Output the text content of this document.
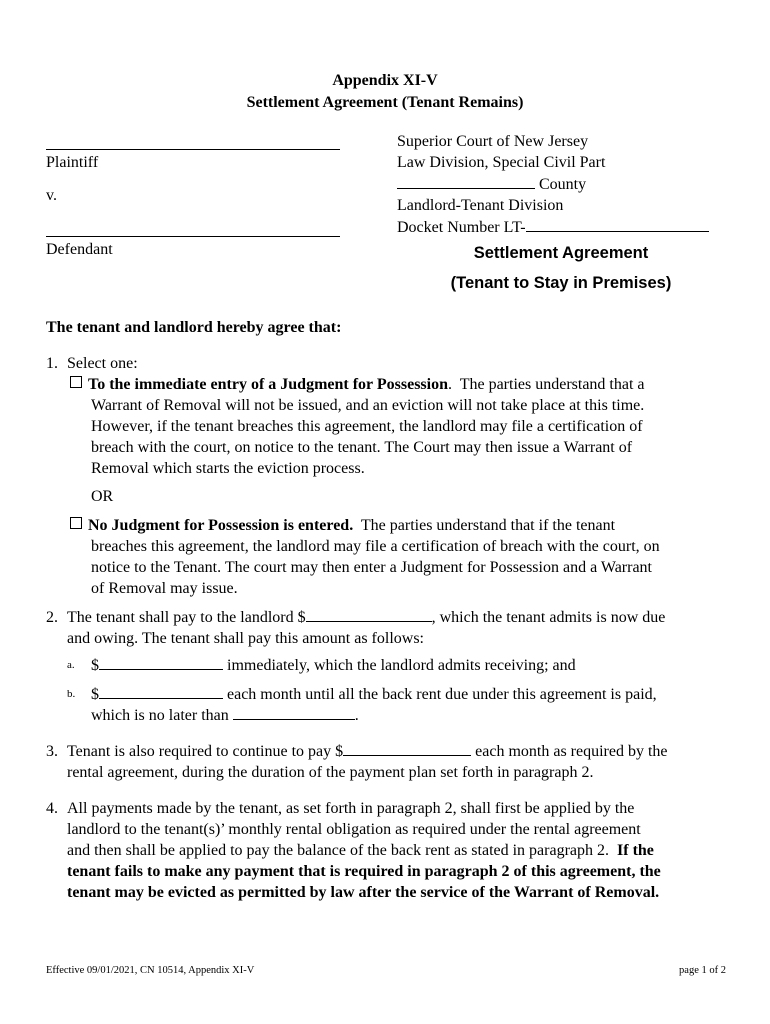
Appendix XI-V
Settlement Agreement (Tenant Remains)
Plaintiff
v.
Defendant
Superior Court of New Jersey
Law Division, Special Civil Part
County
Landlord-Tenant Division
Docket Number LT-
Settlement Agreement
(Tenant to Stay in Premises)
The tenant and landlord hereby agree that:
1. Select one:
To the immediate entry of a Judgment for Possession.  The parties understand that a
Warrant of Removal will not be issued, and an eviction will not take place at this time.
However, if the tenant breaches this agreement, the landlord may file a certification of
breach with the court, on notice to the tenant. The Court may then issue a Warrant of
Removal which starts the eviction process.
OR
No Judgment for Possession is entered.  The parties understand that if the tenant
breaches this agreement, the landlord may file a certification of breach with the court, on
notice to the Tenant. The court may then enter a Judgment for Possession and a Warrant
of Removal may issue.
2. The tenant shall pay to the landlord $	, which the tenant admits is now due
and owing. The tenant shall pay this amount as follows:
a. $	immediately, which the landlord admits receiving; and
b. $	each month until all the back rent due under this agreement is paid,
which is no later than	.
3. Tenant is also required to continue to pay $	each month as required by the
rental agreement, during the duration of the payment plan set forth in paragraph 2.
4. All payments made by the tenant, as set forth in paragraph 2, shall first be applied by the
landlord to the tenant(s)’ monthly rental obligation as required under the rental agreement
and then shall be applied to pay the balance of the back rent as stated in paragraph 2.  If the
tenant fails to make any payment that is required in paragraph 2 of this agreement, the
tenant may be evicted as permitted by law after the service of the Warrant of Removal.
Effective 09/01/2021, CN 10514, Appendix XI-V	page 1 of 2
